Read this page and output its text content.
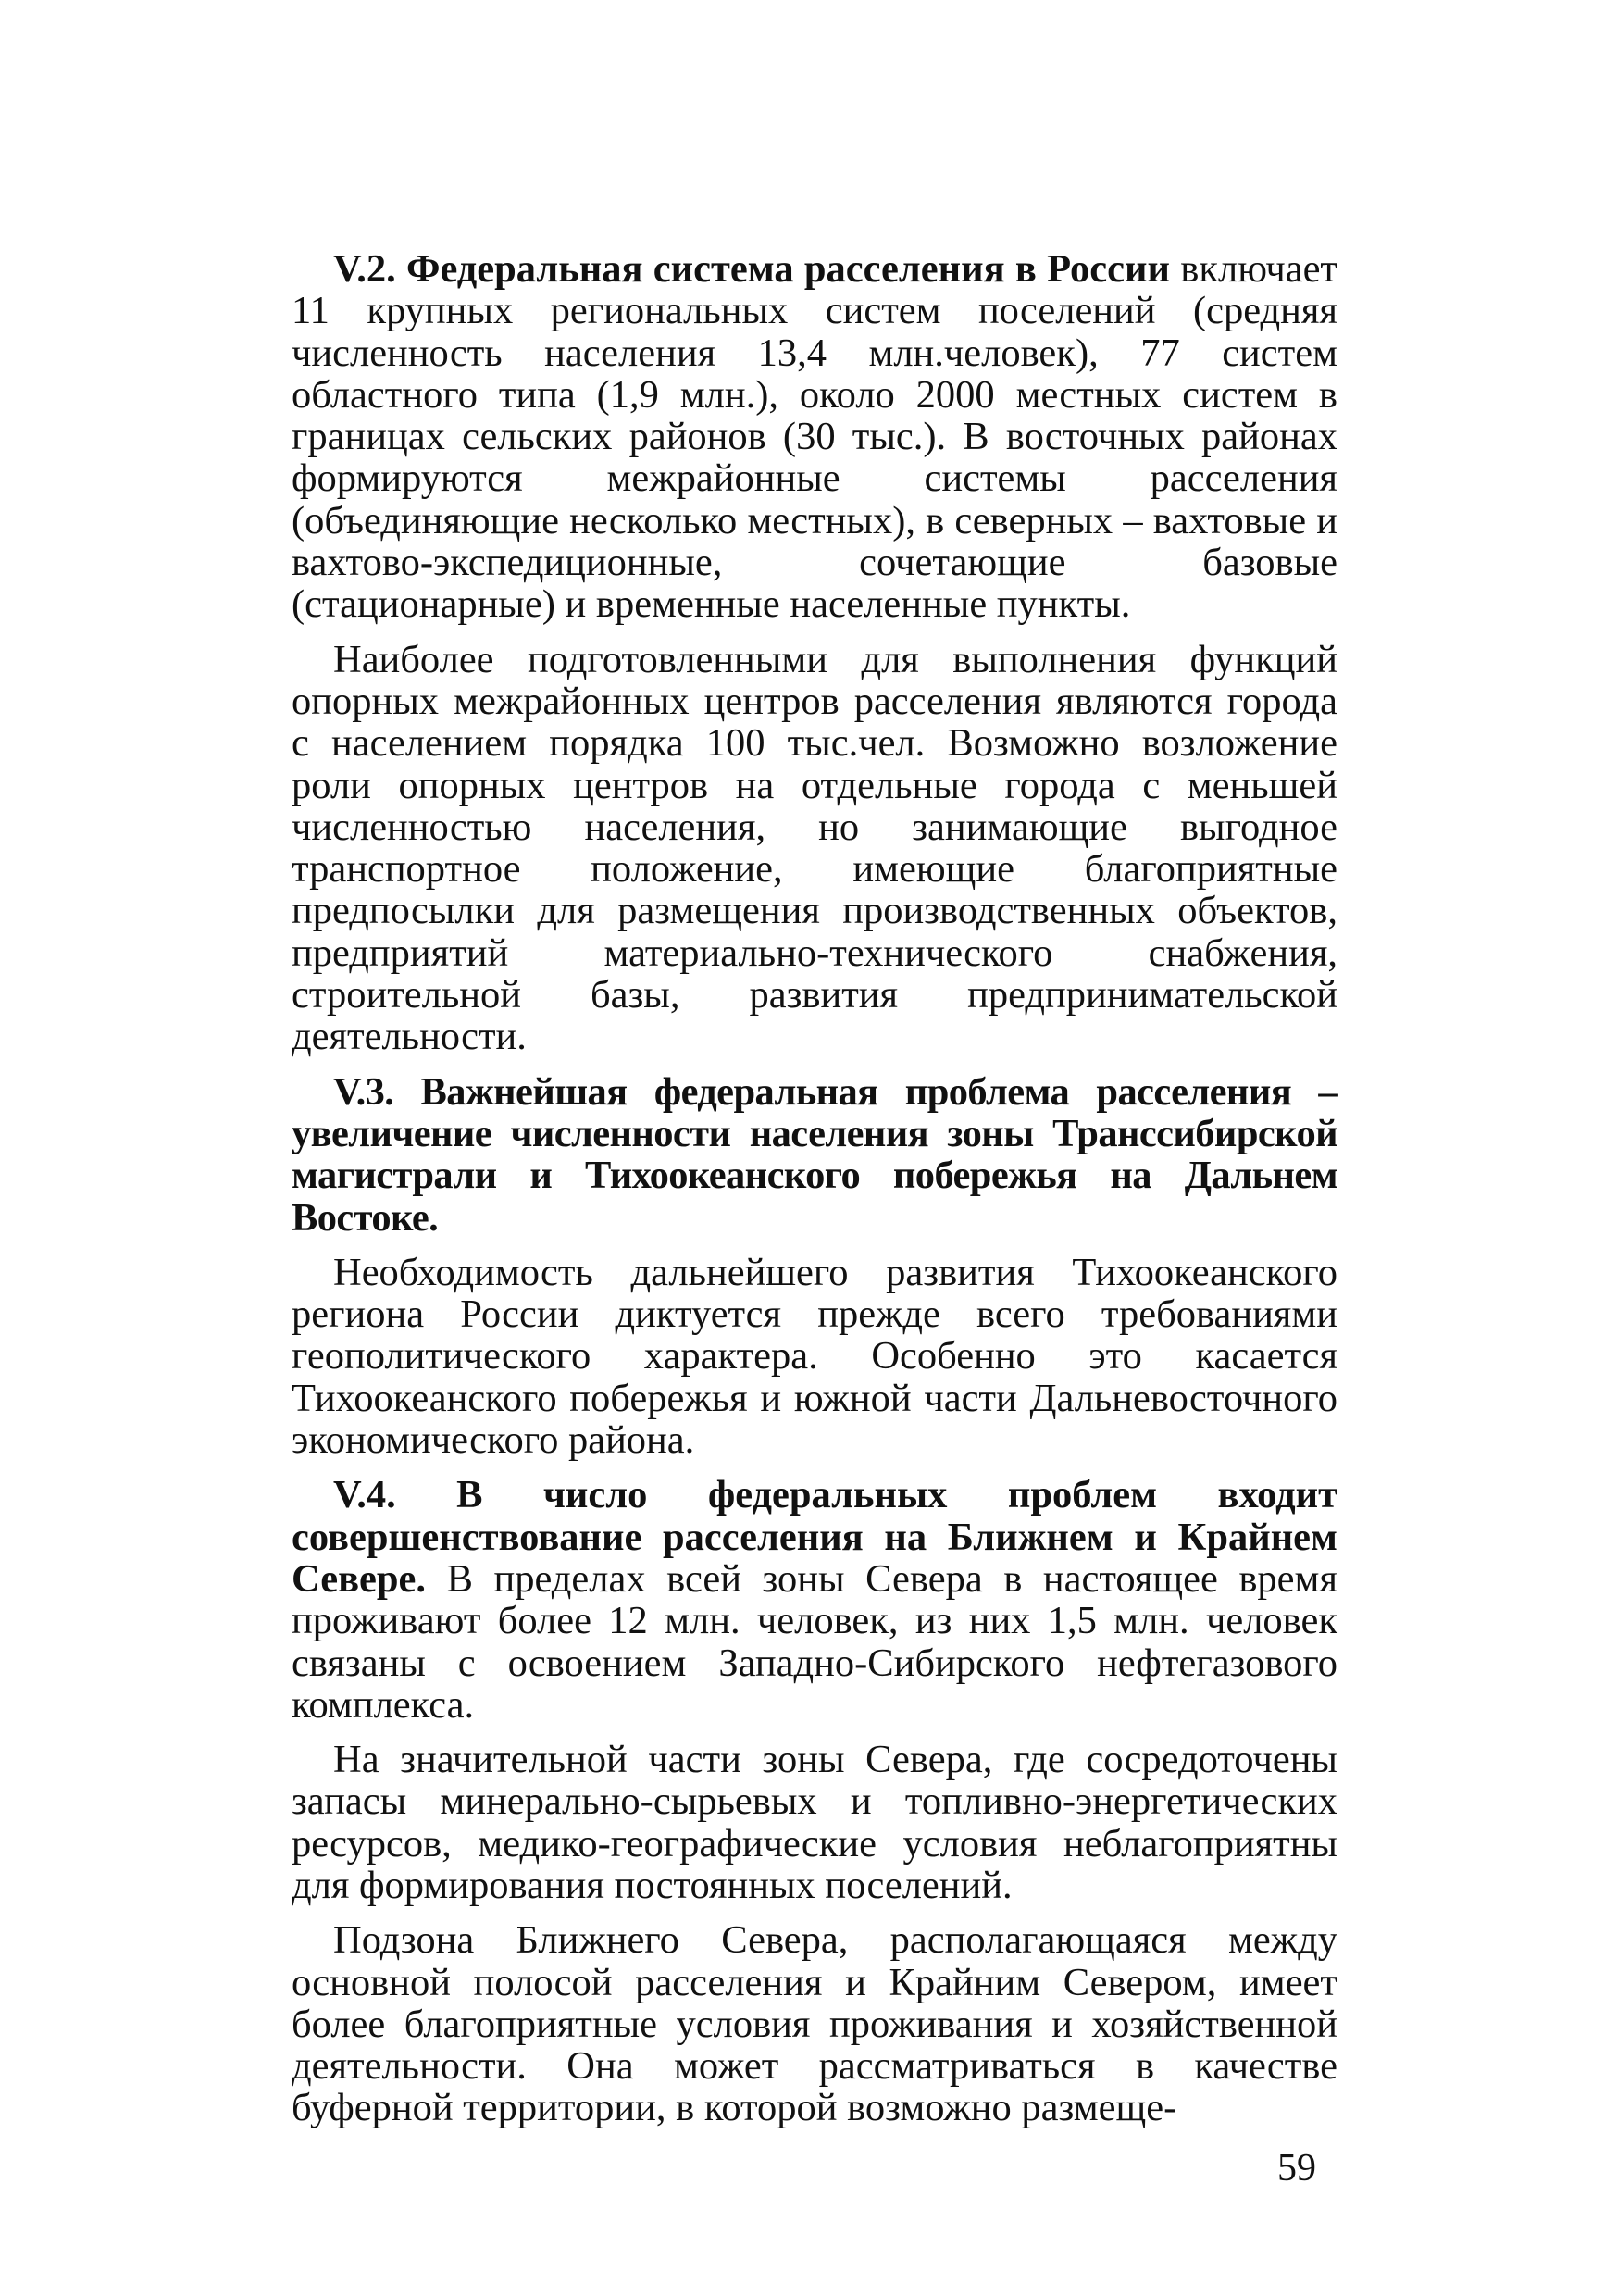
V.2. Федеральная система расселения в России включает 11 крупных региональных систем поселений (средняя численность населения 13,4 млн.человек), 77 систем областного типа (1,9 млн.), около 2000 местных систем в границах сельских районов (30 тыс.). В восточных районах формируются межрайонные системы расселения (объединяющие несколько местных), в северных – вахтовые и вахтово-экспедиционные, сочетающие базовые (стационарные) и временные населенные пункты.

Наиболее подготовленными для выполнения функций опорных межрайонных центров расселения являются города с населением порядка 100 тыс.чел. Возможно возложение роли опорных центров на отдельные города с меньшей численностью населения, но занимающие выгодное транспортное положение, имеющие благоприятные предпосылки для размещения производственных объектов, предприятий материально-технического снабжения, строительной базы, развития предпринимательской деятельности.

V.3. Важнейшая федеральная проблема расселения – увеличение численности населения зоны Транссибирской магистрали и Тихоокеанского побережья на Дальнем Востоке.

Необходимость дальнейшего развития Тихоокеанского региона России диктуется прежде всего требованиями геополитического характера. Особенно это касается Тихоокеанского побережья и южной части Дальневосточного экономического района.

V.4. В число федеральных проблем входит совершенствование расселения на Ближнем и Крайнем Севере. В пределах всей зоны Севера в настоящее время проживают более 12 млн. человек, из них 1,5 млн. человек связаны с освоением Западно-Сибирского нефтегазового комплекса.

На значительной части зоны Севера, где сосредоточены запасы минерально-сырьевых и топливно-энергетических ресурсов, медико-географические условия неблагоприятны для формирования постоянных поселений.

Подзона Ближнего Севера, располагающаяся между основной полосой расселения и Крайним Севером, имеет более благоприятные условия проживания и хозяйственной деятельности. Она может рассматриваться в качестве буферной территории, в которой возможно размеще-

59
